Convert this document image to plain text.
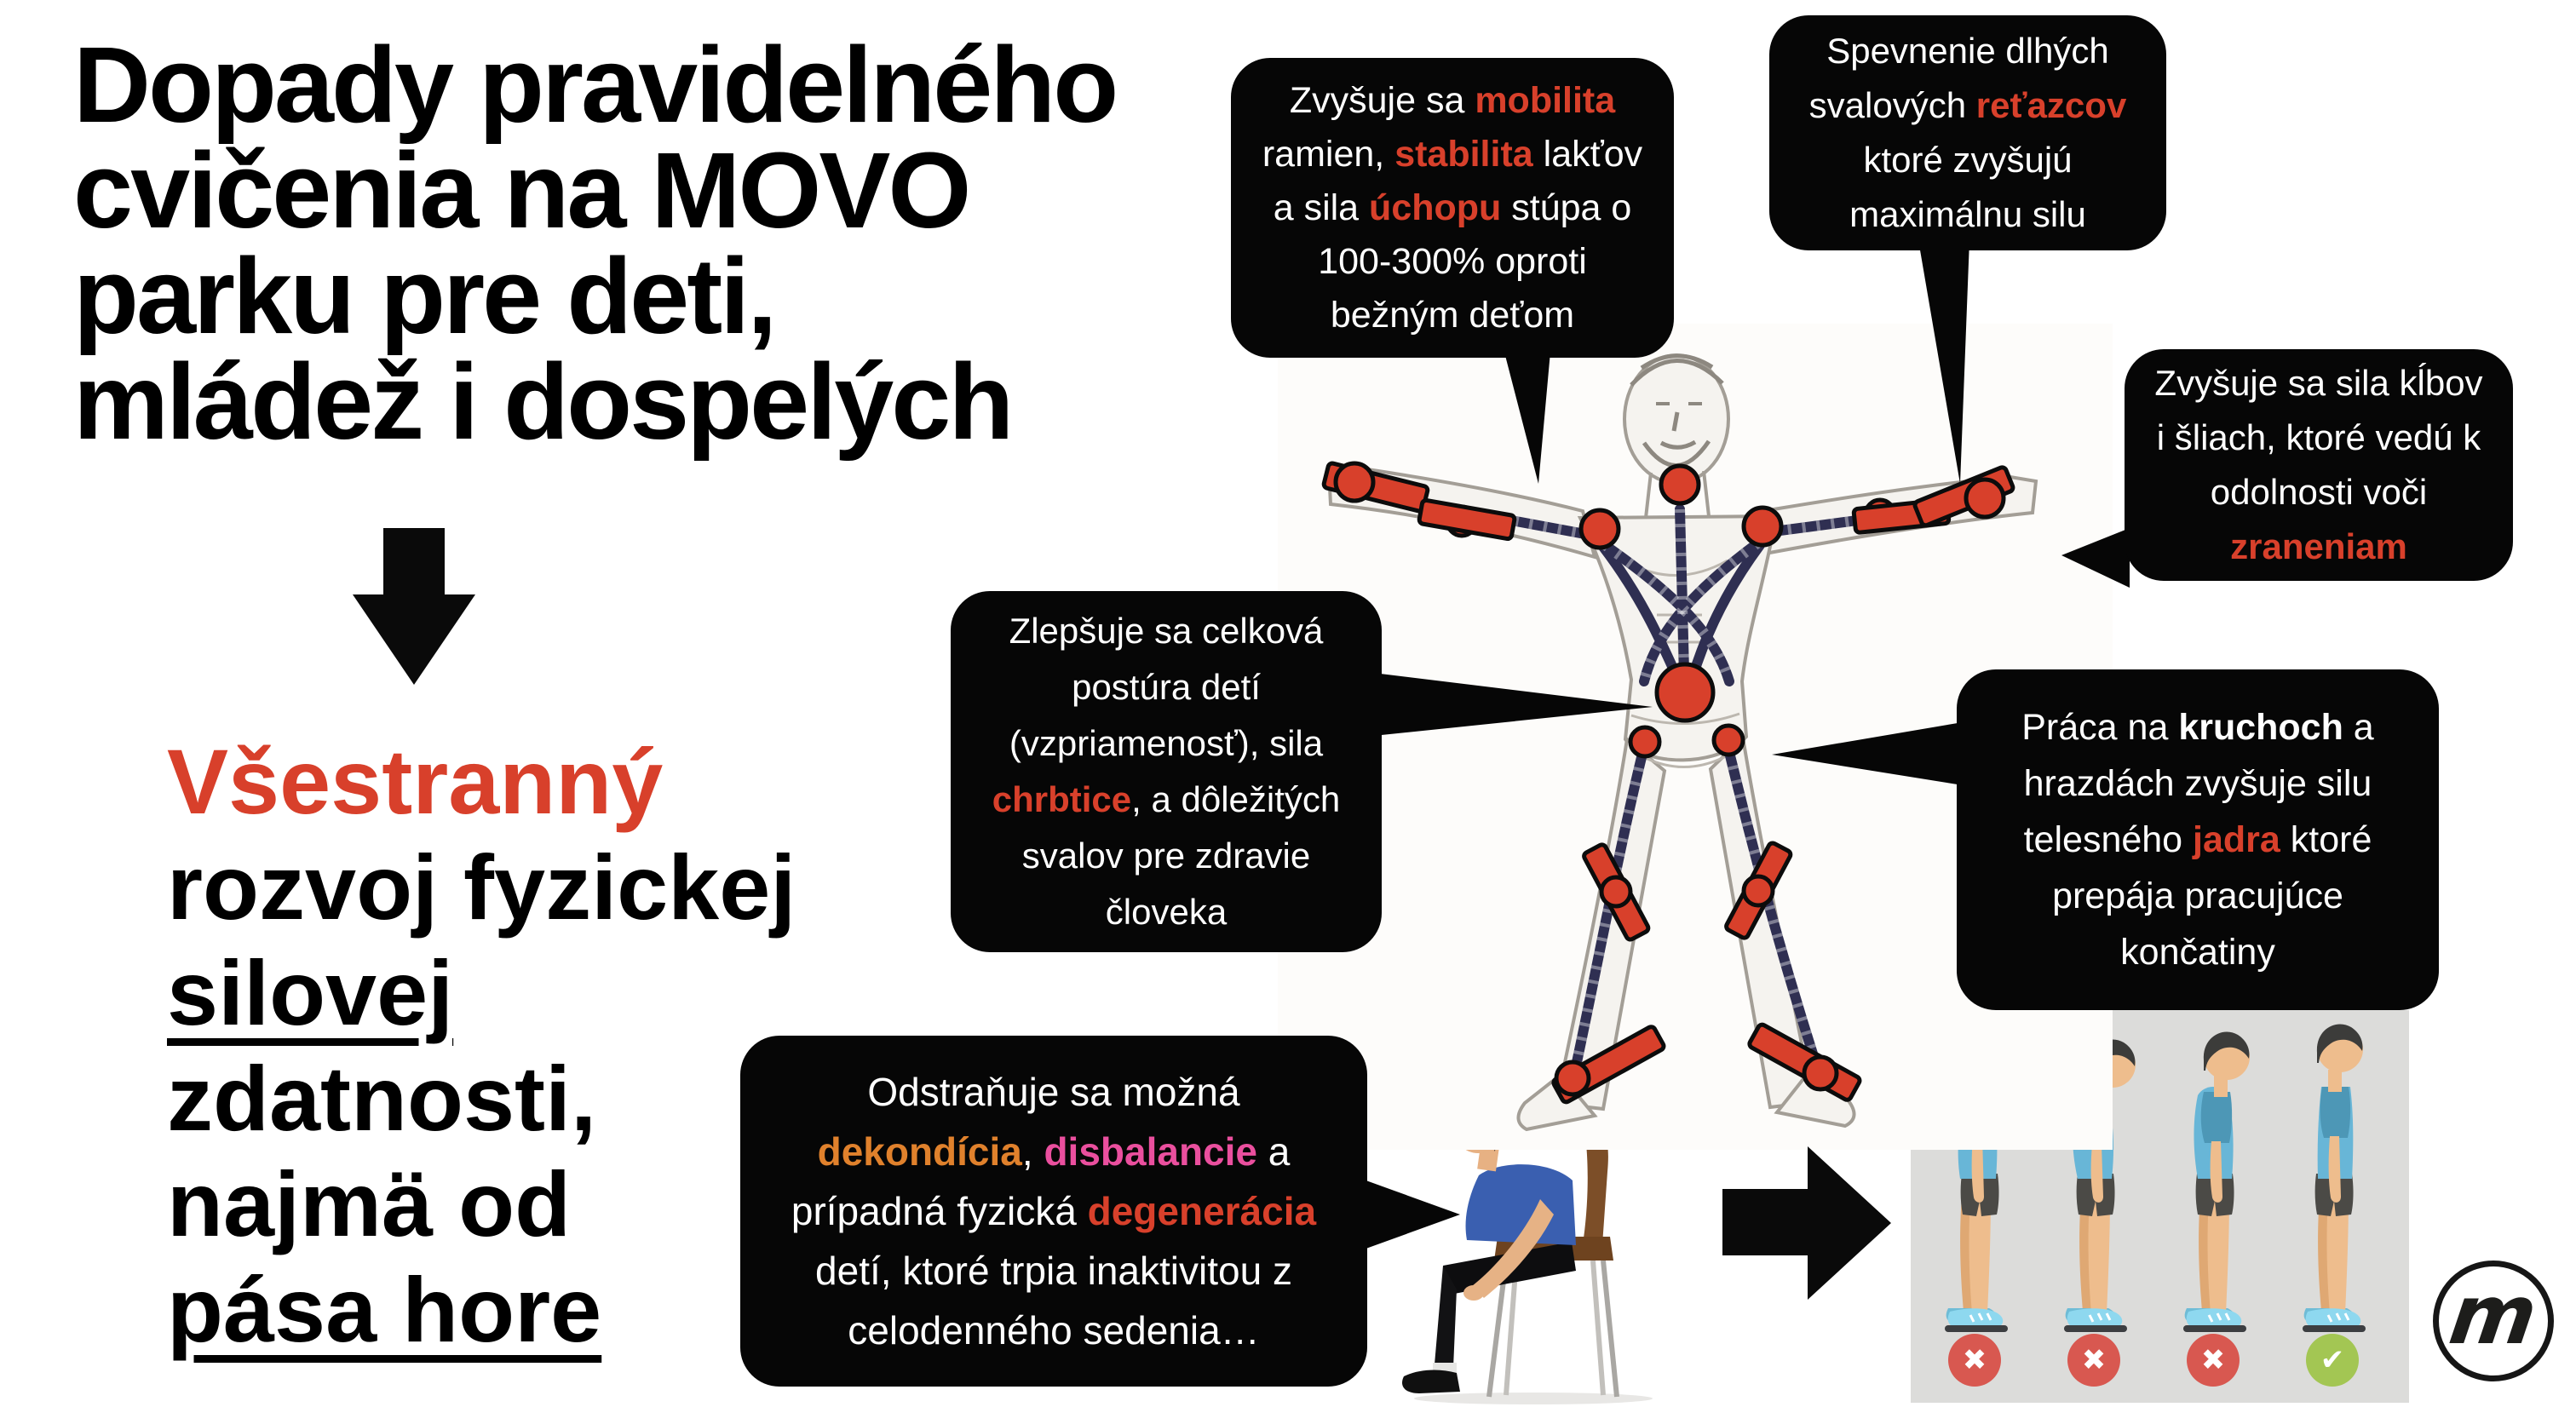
✖	✖	✖	✔

Zvyšuje sa mobilita ramien, stabilita lakťov a sila úchopu stúpa o 100-300% oproti bežným deťom

Spevnenie dlhých svalových reťazcov ktoré zvyšujú maximálnu silu

Zvyšuje sa sila kĺbov i šliach, ktoré vedú k odolnosti voči zraneniam

Zlepšuje sa celková postúra detí (vzpriamenosť), sila chrbtice, a dôležitých svalov pre zdravie človeka

Práca na kruchoch a hrazdách zvyšuje silu telesného jadra ktoré prepája pracujúce končatiny

Odstraňuje sa možná dekondícia, disbalancie a prípadná fyzická degenerácia detí, ktoré trpia inaktivitou z celodenného sedenia…

Dopady pravidelného
cvičenia na MOVO
parku pre deti,
mládež i dospelých
Všestranný
rozvoj fyzickej
silovej
zdatnosti,
najmä od
pása hore	m
